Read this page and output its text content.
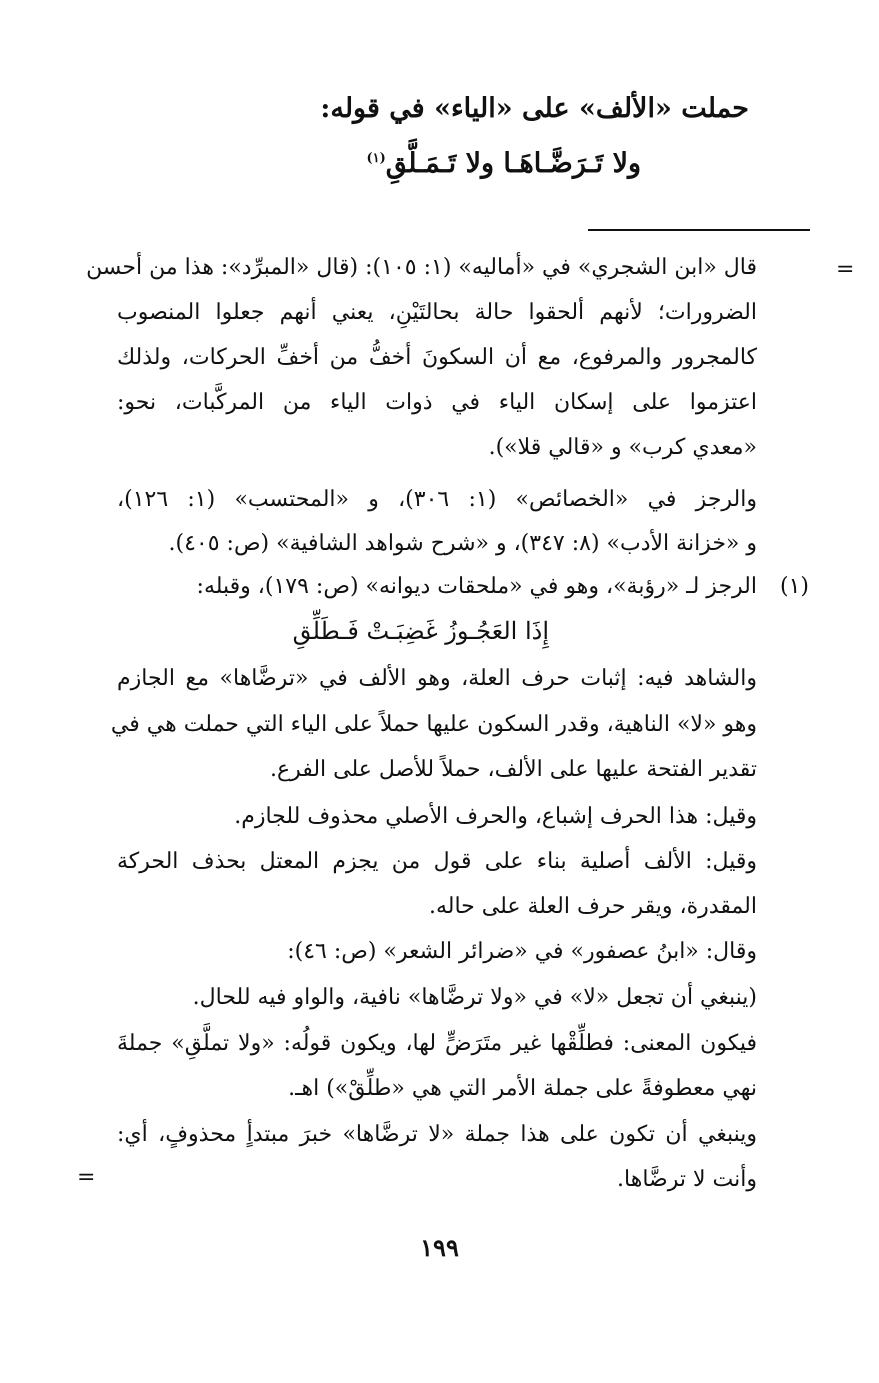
حملت «الألف» على «الياء» في قوله:
ولا تَـرَضَّـاهَـا ولا تَـمَـلَّقِ$^{(١)}$
=
=
قال «ابن الشجري» في «أماليه» (١: ١٠٥): (قال «المبرِّد»: هذا من أحسن
الضرورات؛ لأنهم ألحقوا حالة بحالتَيْنِ، يعني أنهم جعلوا المنصوب
كالمجرور والمرفوع، مع أن السكونَ أخفُّ من أخفِّ الحركات، ولذلك
اعتزموا على إسكان الياء في ذوات الياء من المركَّبات، نحو:
«معدي كرب» و «قالي قلا»).
والرجز في «الخصائص» (١: ٣٠٦)، و «المحتسب» (١: ١٢٦)،
و «خزانة الأدب» (٨: ٣٤٧)، و «شرح شواهد الشافية» (ص: ٤٠٥).
(١)
الرجز لـ «رؤبة»، وهو في «ملحقات ديوانه» (ص: ١٧٩)، وقبله:
إِذَا العَجُـوزُ غَضِبَـتْ فَـطَلِّقِ
والشاهد فيه: إثبات حرف العلة، وهو الألف في «ترضَّاها» مع الجازم
وهو «لا» الناهية، وقدر السكون عليها حملاً على الياء التي حملت هي في
تقدير الفتحة عليها على الألف، حملاً للأصل على الفرع.
وقيل: هذا الحرف إشباع، والحرف الأصلي محذوف للجازم.
وقيل: الألف أصلية بناء على قول من يجزم المعتل بحذف الحركة
المقدرة، ويقر حرف العلة على حاله.
وقال: «ابنُ عصفور» في «ضرائر الشعر» (ص: ٤٦):
(ينبغي أن تجعل «لا» في «ولا ترضَّاها» نافية، والواو فيه للحال.
فيكون المعنى: فطلِّقْها غير متَرَضٍّ لها، ويكون قولُه: «ولا تملَّقِ» جملةَ
نهي معطوفةً على جملة الأمر التي هي «طلِّقْ») اهـ.
وينبغي أن تكون على هذا جملة «لا ترضَّاها» خبرَ مبتدأٍ محذوفٍ، أي:
وأنت لا ترضَّاها.
١٩٩
